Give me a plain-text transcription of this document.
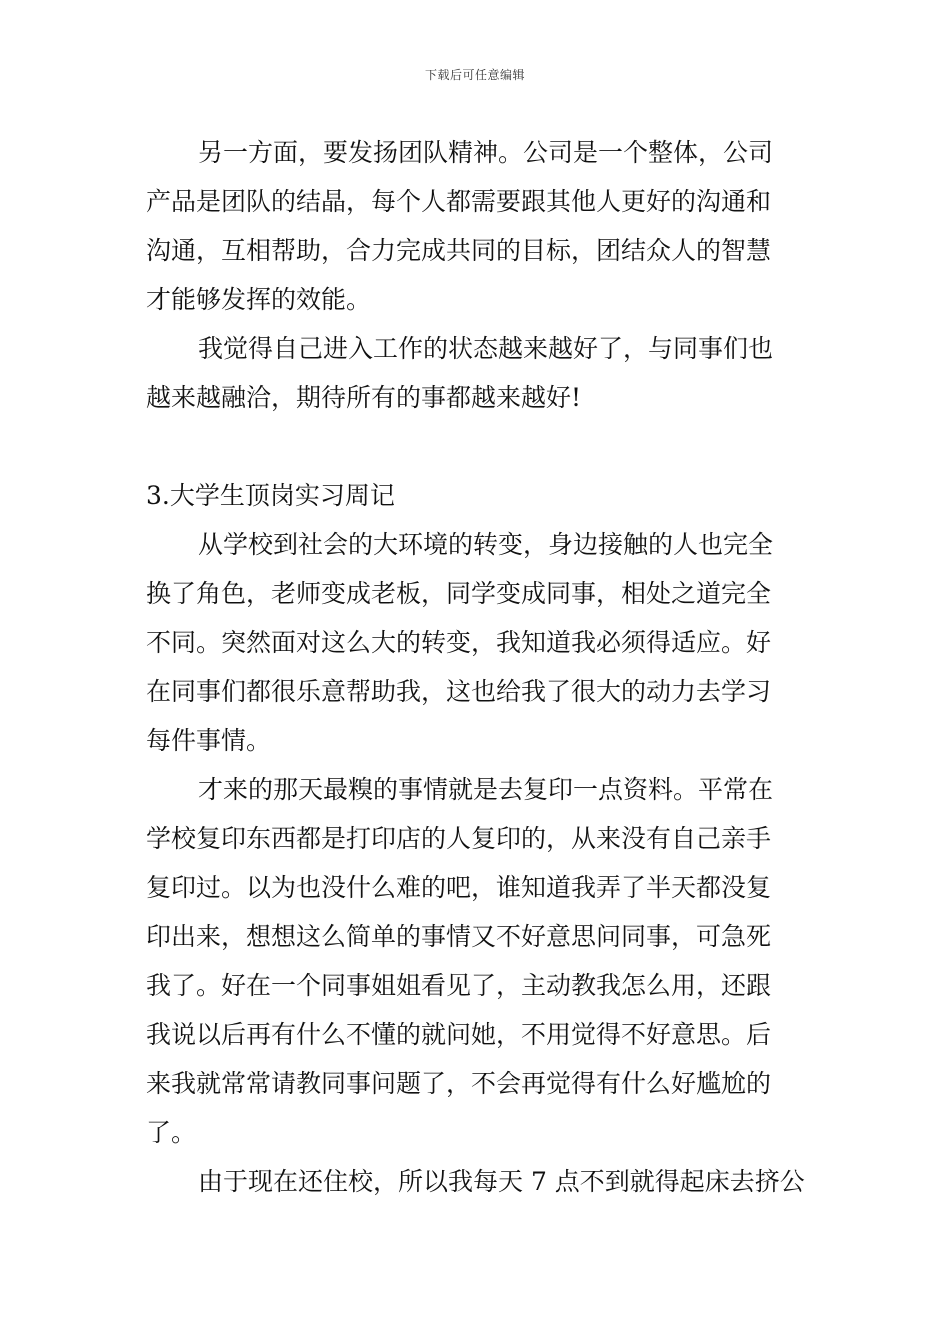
下载后可任意编辑

另一方面，要发扬团队精神。公司是一个整体，公司
产品是团队的结晶，每个人都需要跟其他人更好的沟通和
沟通，互相帮助，合力完成共同的目标，团结众人的智慧
才能够发挥的效能。

我觉得自己进入工作的状态越来越好了，与同事们也
越来越融洽，期待所有的事都越来越好!

3.大学生顶岗实习周记

从学校到社会的大环境的转变，身边接触的人也完全
换了角色，老师变成老板，同学变成同事，相处之道完全
不同。突然面对这么大的转变，我知道我必须得适应。好
在同事们都很乐意帮助我，这也给我了很大的动力去学习
每件事情。

才来的那天最糗的事情就是去复印一点资料。平常在
学校复印东西都是打印店的人复印的，从来没有自己亲手
复印过。以为也没什么难的吧，谁知道我弄了半天都没复
印出来，想想这么简单的事情又不好意思问同事，可急死
我了。好在一个同事姐姐看见了，主动教我怎么用，还跟
我说以后再有什么不懂的就问她，不用觉得不好意思。后
来我就常常请教同事问题了，不会再觉得有什么好尴尬的
了。

由于现在还住校，所以我每天 7 点不到就得起床去挤公
